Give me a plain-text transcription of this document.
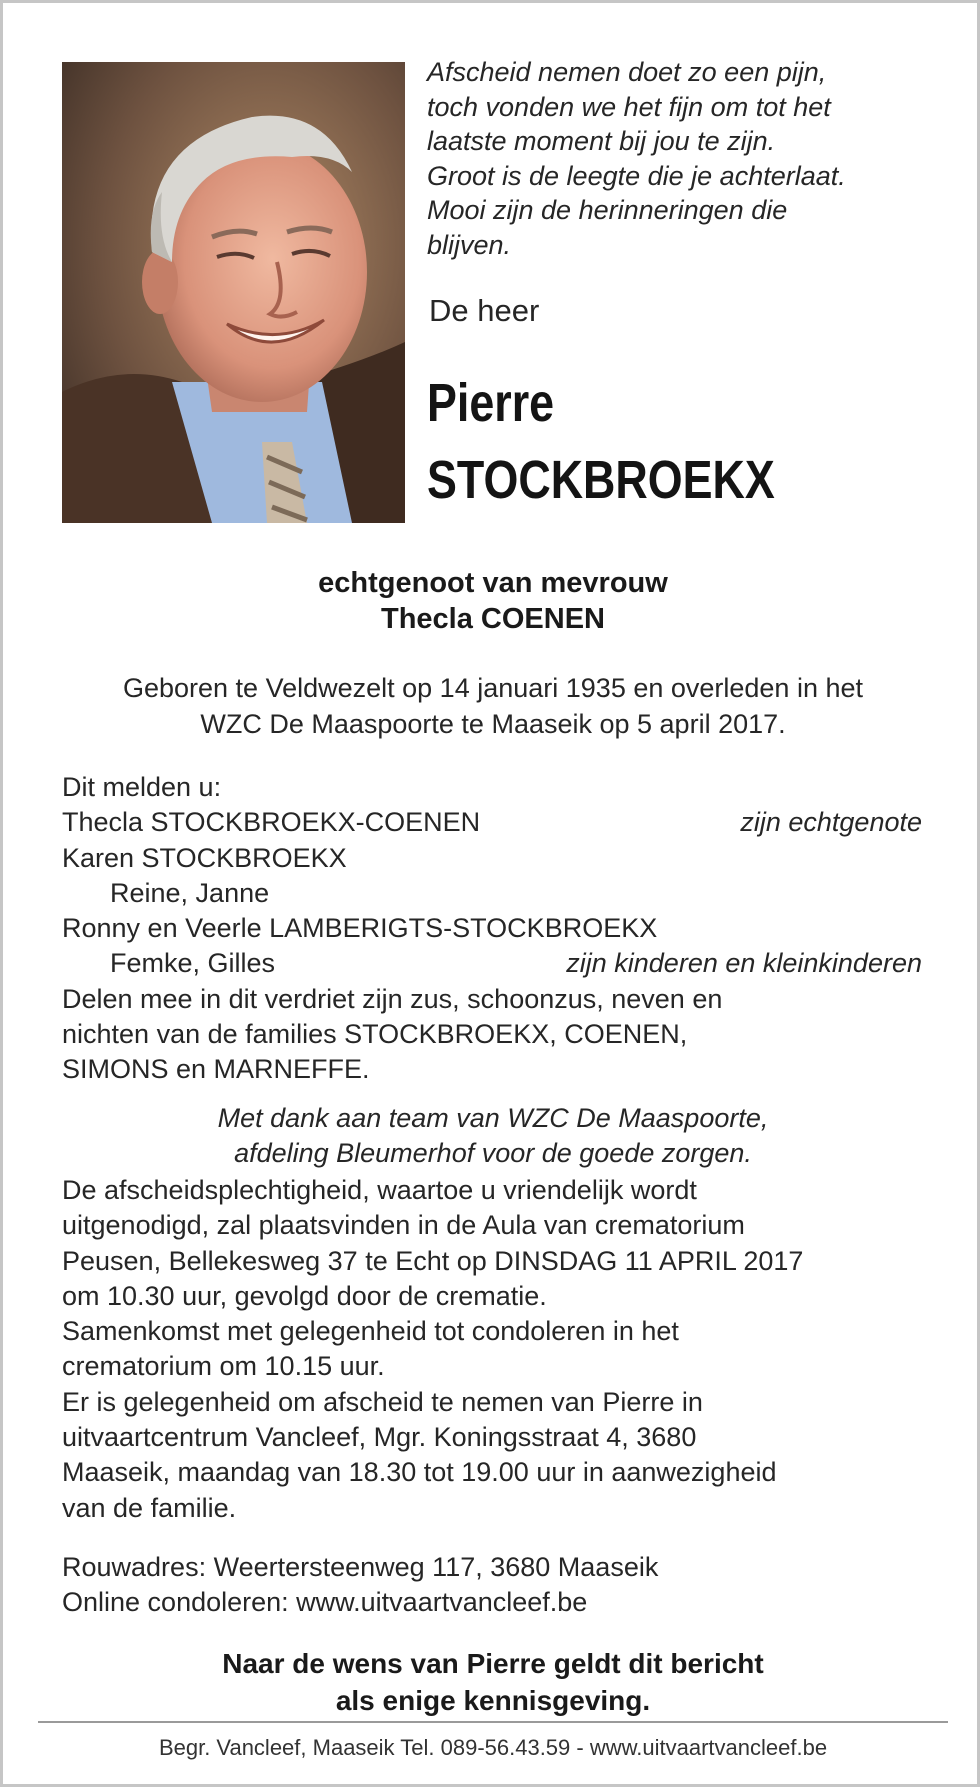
Afscheid nemen doet zo een pijn,
toch vonden we het fijn om tot het
laatste moment bij jou te zijn.
Groot is de leegte die je achterlaat.
Mooi zijn de herinneringen die
blijven.
De heer
Pierre
STOCKBROEKX
echtgenoot van mevrouw
Thecla COENEN
Geboren te Veldwezelt op 14 januari 1935 en overleden in het
WZC De Maaspoorte te Maaseik op 5 april 2017.
Dit melden u:
Thecla STOCKBROEKX-COENEN	zijn echtgenote
Karen STOCKBROEKX
Reine, Janne
Ronny en Veerle LAMBERIGTS-STOCKBROEKX
Femke, Gilles	zijn kinderen en kleinkinderen
Delen mee in dit verdriet zijn zus, schoonzus, neven en
nichten van de families STOCKBROEKX, COENEN,
SIMONS en MARNEFFE.
Met dank aan team van WZC De Maaspoorte,
afdeling Bleumerhof voor de goede zorgen.
De afscheidsplechtigheid, waartoe u vriendelijk wordt
uitgenodigd, zal plaatsvinden in de Aula van crematorium
Peusen, Bellekesweg 37 te Echt op DINSDAG 11 APRIL 2017
om 10.30 uur, gevolgd door de crematie.
Samenkomst met gelegenheid tot condoleren in het
crematorium om 10.15 uur.
Er is gelegenheid om afscheid te nemen van Pierre in
uitvaartcentrum Vancleef, Mgr. Koningsstraat 4, 3680
Maaseik, maandag van 18.30 tot 19.00 uur in aanwezigheid
van de familie.
Rouwadres: Weertersteenweg 117, 3680 Maaseik
Online condoleren: www.uitvaartvancleef.be
Naar de wens van Pierre geldt dit bericht
als enige kennisgeving.
Begr. Vancleef, Maaseik Tel. 089-56.43.59 - www.uitvaartvancleef.be
